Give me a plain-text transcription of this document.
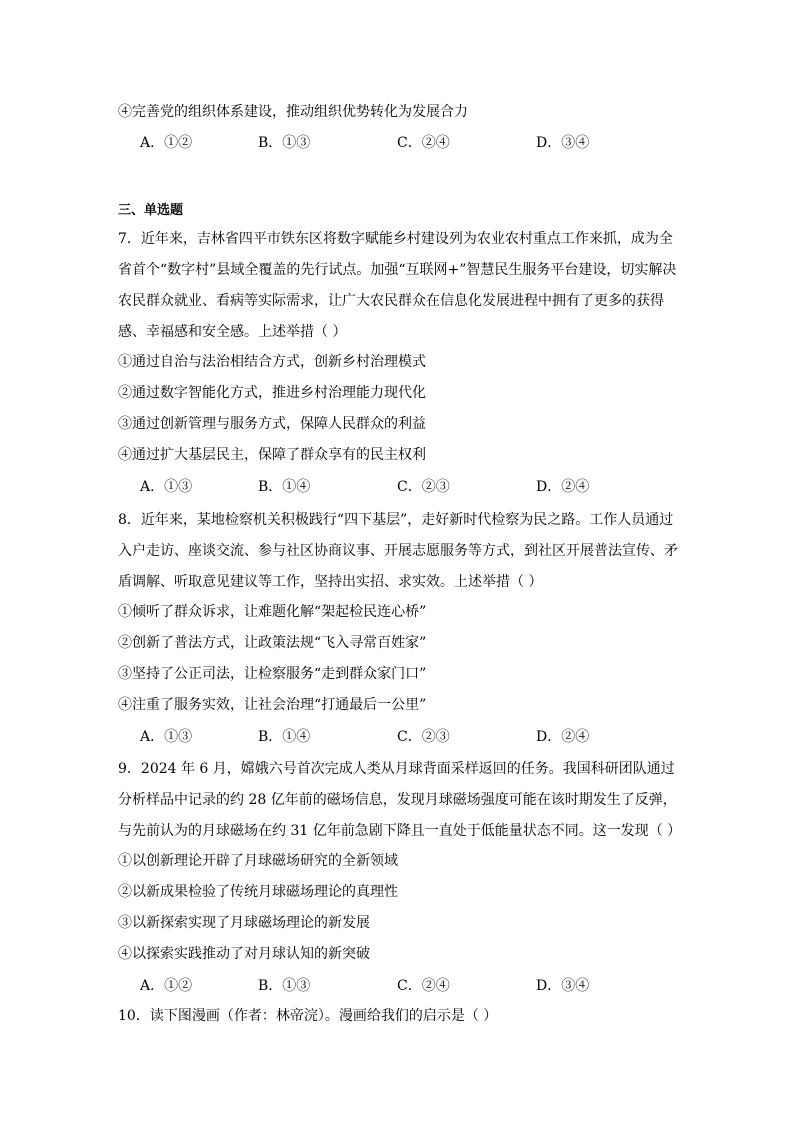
④完善党的组织体系建设，推动组织优势转化为发展合力
A．①②	B．①③	C．②④	D．③④
三、单选题
7．近年来，吉林省四平市铁东区将数字赋能乡村建设列为农业农村重点工作来抓，成为全省首个“数字村”县域全覆盖的先行试点。加强“互联网+”智慧民生服务平台建设，切实解决农民群众就业、看病等实际需求，让广大农民群众在信息化发展进程中拥有了更多的获得感、幸福感和安全感。上述举措（ ）
①通过自治与法治相结合方式，创新乡村治理模式
②通过数字智能化方式，推进乡村治理能力现代化
③通过创新管理与服务方式，保障人民群众的利益
④通过扩大基层民主，保障了群众享有的民主权利
A．①③	B．①④	C．②③	D．②④
8．近年来，某地检察机关积极践行“四下基层”，走好新时代检察为民之路。工作人员通过入户走访、座谈交流、参与社区协商议事、开展志愿服务等方式，到社区开展普法宣传、矛盾调解、听取意见建议等工作，坚持出实招、求实效。上述举措（ ）
①倾听了群众诉求，让难题化解“架起检民连心桥”
②创新了普法方式，让政策法规“飞入寻常百姓家”
③坚持了公正司法，让检察服务“走到群众家门口”
④注重了服务实效，让社会治理“打通最后一公里”
A．①③	B．①④	C．②③	D．②④
9．2024 年 6 月，嫦娥六号首次完成人类从月球背面采样返回的任务。我国科研团队通过分析样品中记录的约 28 亿年前的磁场信息，发现月球磁场强度可能在该时期发生了反弹，与先前认为的月球磁场在约 31 亿年前急剧下降且一直处于低能量状态不同。这一发现（ ）
①以创新理论开辟了月球磁场研究的全新领域
②以新成果检验了传统月球磁场理论的真理性
③以新探索实现了月球磁场理论的新发展
④以探索实践推动了对月球认知的新突破
A．①②	B．①③	C．②④	D．③④
10．读下图漫画（作者：林帝浣）。漫画给我们的启示是（ ）
